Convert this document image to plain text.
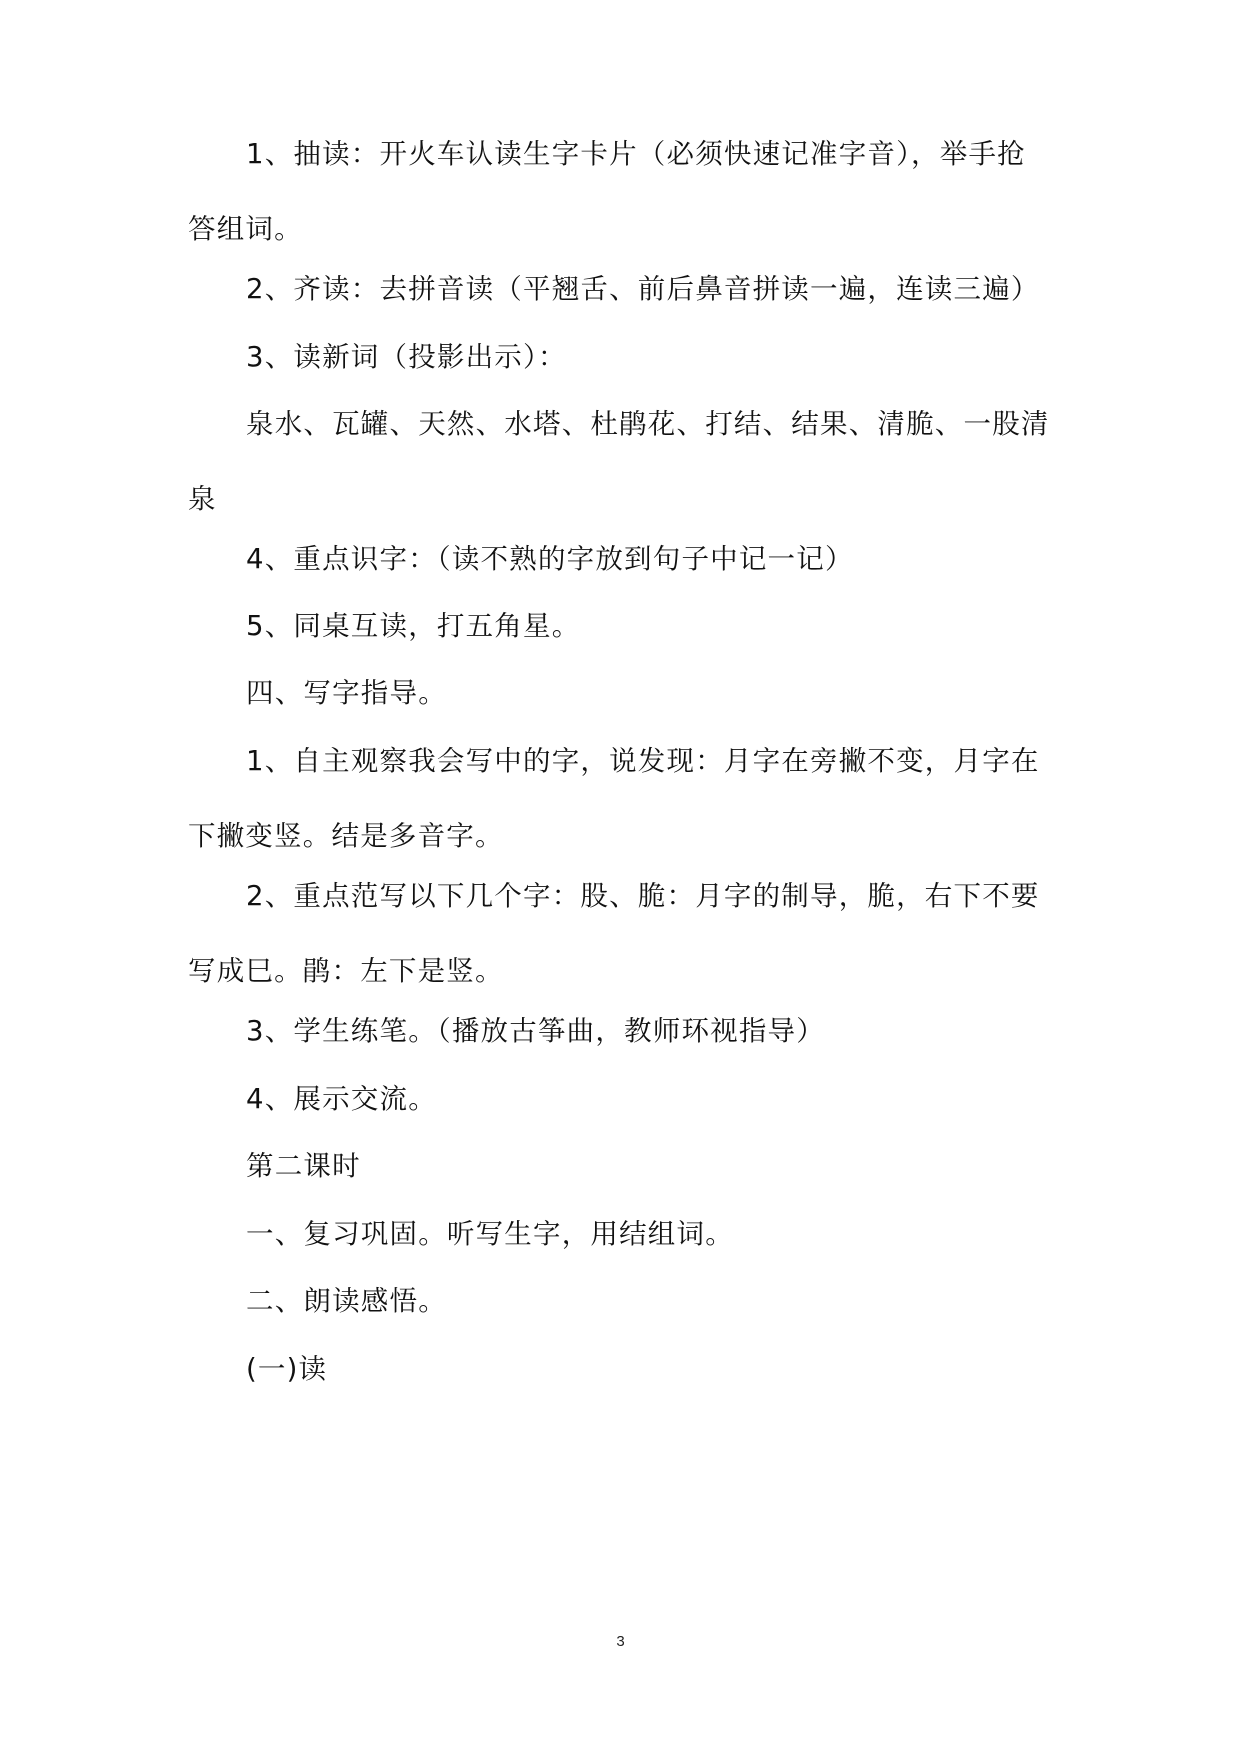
1、抽读：开火车认读生字卡片（必须快速记准字音），举手抢答组词。

2、齐读：去拼音读（平翘舌、前后鼻音拼读一遍，连读三遍）

3、读新词（投影出示）：

泉水、瓦罐、天然、水塔、杜鹃花、打结、结果、清脆、一股清泉

4、重点识字：（读不熟的字放到句子中记一记）

5、同桌互读，打五角星。

四、写字指导。

1、自主观察我会写中的字，说发现：月字在旁撇不变，月字在下撇变竖。结是多音字。

2、重点范写以下几个字：股、脆：月字的制导，脆，右下不要写成巳。鹃：左下是竖。

3、学生练笔。（播放古筝曲，教师环视指导）

4、展示交流。

第二课时

一、复习巩固。听写生字，用结组词。

二、朗读感悟。

(一)读

3
